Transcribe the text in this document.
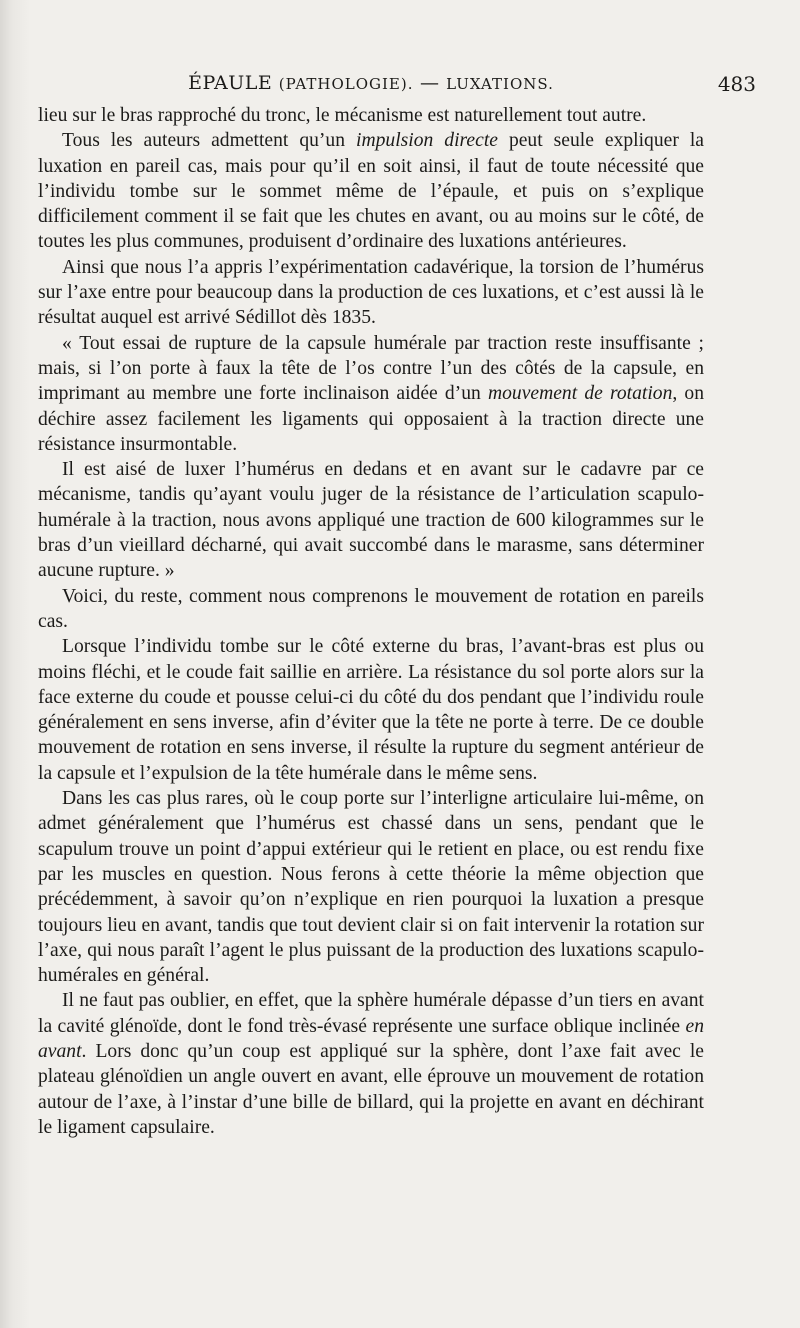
ÉPAULE (PATHOLOGIE). — LUXATIONS.	483

lieu sur le bras rapproché du tronc, le mécanisme est naturellement tout autre.

Tous les auteurs admettent qu’un impulsion directe peut seule expliquer la luxation en pareil cas, mais pour qu’il en soit ainsi, il faut de toute nécessité que l’individu tombe sur le sommet même de l’épaule, et puis on s’explique difficilement comment il se fait que les chutes en avant, ou au moins sur le côté, de toutes les plus communes, produisent d’ordinaire des luxations antérieures.

Ainsi que nous l’a appris l’expérimentation cadavérique, la torsion de l’humérus sur l’axe entre pour beaucoup dans la production de ces luxations, et c’est aussi là le résultat auquel est arrivé Sédillot dès 1835.

« Tout essai de rupture de la capsule humérale par traction reste insuffisante ; mais, si l’on porte à faux la tête de l’os contre l’un des côtés de la capsule, en imprimant au membre une forte inclinaison aidée d’un mouvement de rotation, on déchire assez facilement les ligaments qui opposaient à la traction directe une résistance insurmontable.

Il est aisé de luxer l’humérus en dedans et en avant sur le cadavre par ce mécanisme, tandis qu’ayant voulu juger de la résistance de l’articulation scapulo-humérale à la traction, nous avons appliqué une traction de 600 kilogrammes sur le bras d’un vieillard décharné, qui avait succombé dans le marasme, sans déterminer aucune rupture. »

Voici, du reste, comment nous comprenons le mouvement de rotation en pareils cas.

Lorsque l’individu tombe sur le côté externe du bras, l’avant-bras est plus ou moins fléchi, et le coude fait saillie en arrière. La résistance du sol porte alors sur la face externe du coude et pousse celui-ci du côté du dos pendant que l’individu roule généralement en sens inverse, afin d’éviter que la tête ne porte à terre. De ce double mouvement de rotation en sens inverse, il résulte la rupture du segment antérieur de la capsule et l’expulsion de la tête humérale dans le même sens.

Dans les cas plus rares, où le coup porte sur l’interligne articulaire lui-même, on admet généralement que l’humérus est chassé dans un sens, pendant que le scapulum trouve un point d’appui extérieur qui le retient en place, ou est rendu fixe par les muscles en question. Nous ferons à cette théorie la même objection que précédemment, à savoir qu’on n’explique en rien pourquoi la luxation a presque toujours lieu en avant, tandis que tout devient clair si on fait intervenir la rotation sur l’axe, qui nous paraît l’agent le plus puissant de la production des luxations scapulo-humérales en général.

Il ne faut pas oublier, en effet, que la sphère humérale dépasse d’un tiers en avant la cavité glénoïde, dont le fond très-évasé représente une surface oblique inclinée en avant. Lors donc qu’un coup est appliqué sur la sphère, dont l’axe fait avec le plateau glénoïdien un angle ouvert en avant, elle éprouve un mouvement de rotation autour de l’axe, à l’instar d’une bille de billard, qui la projette en avant en déchirant le ligament capsulaire.
